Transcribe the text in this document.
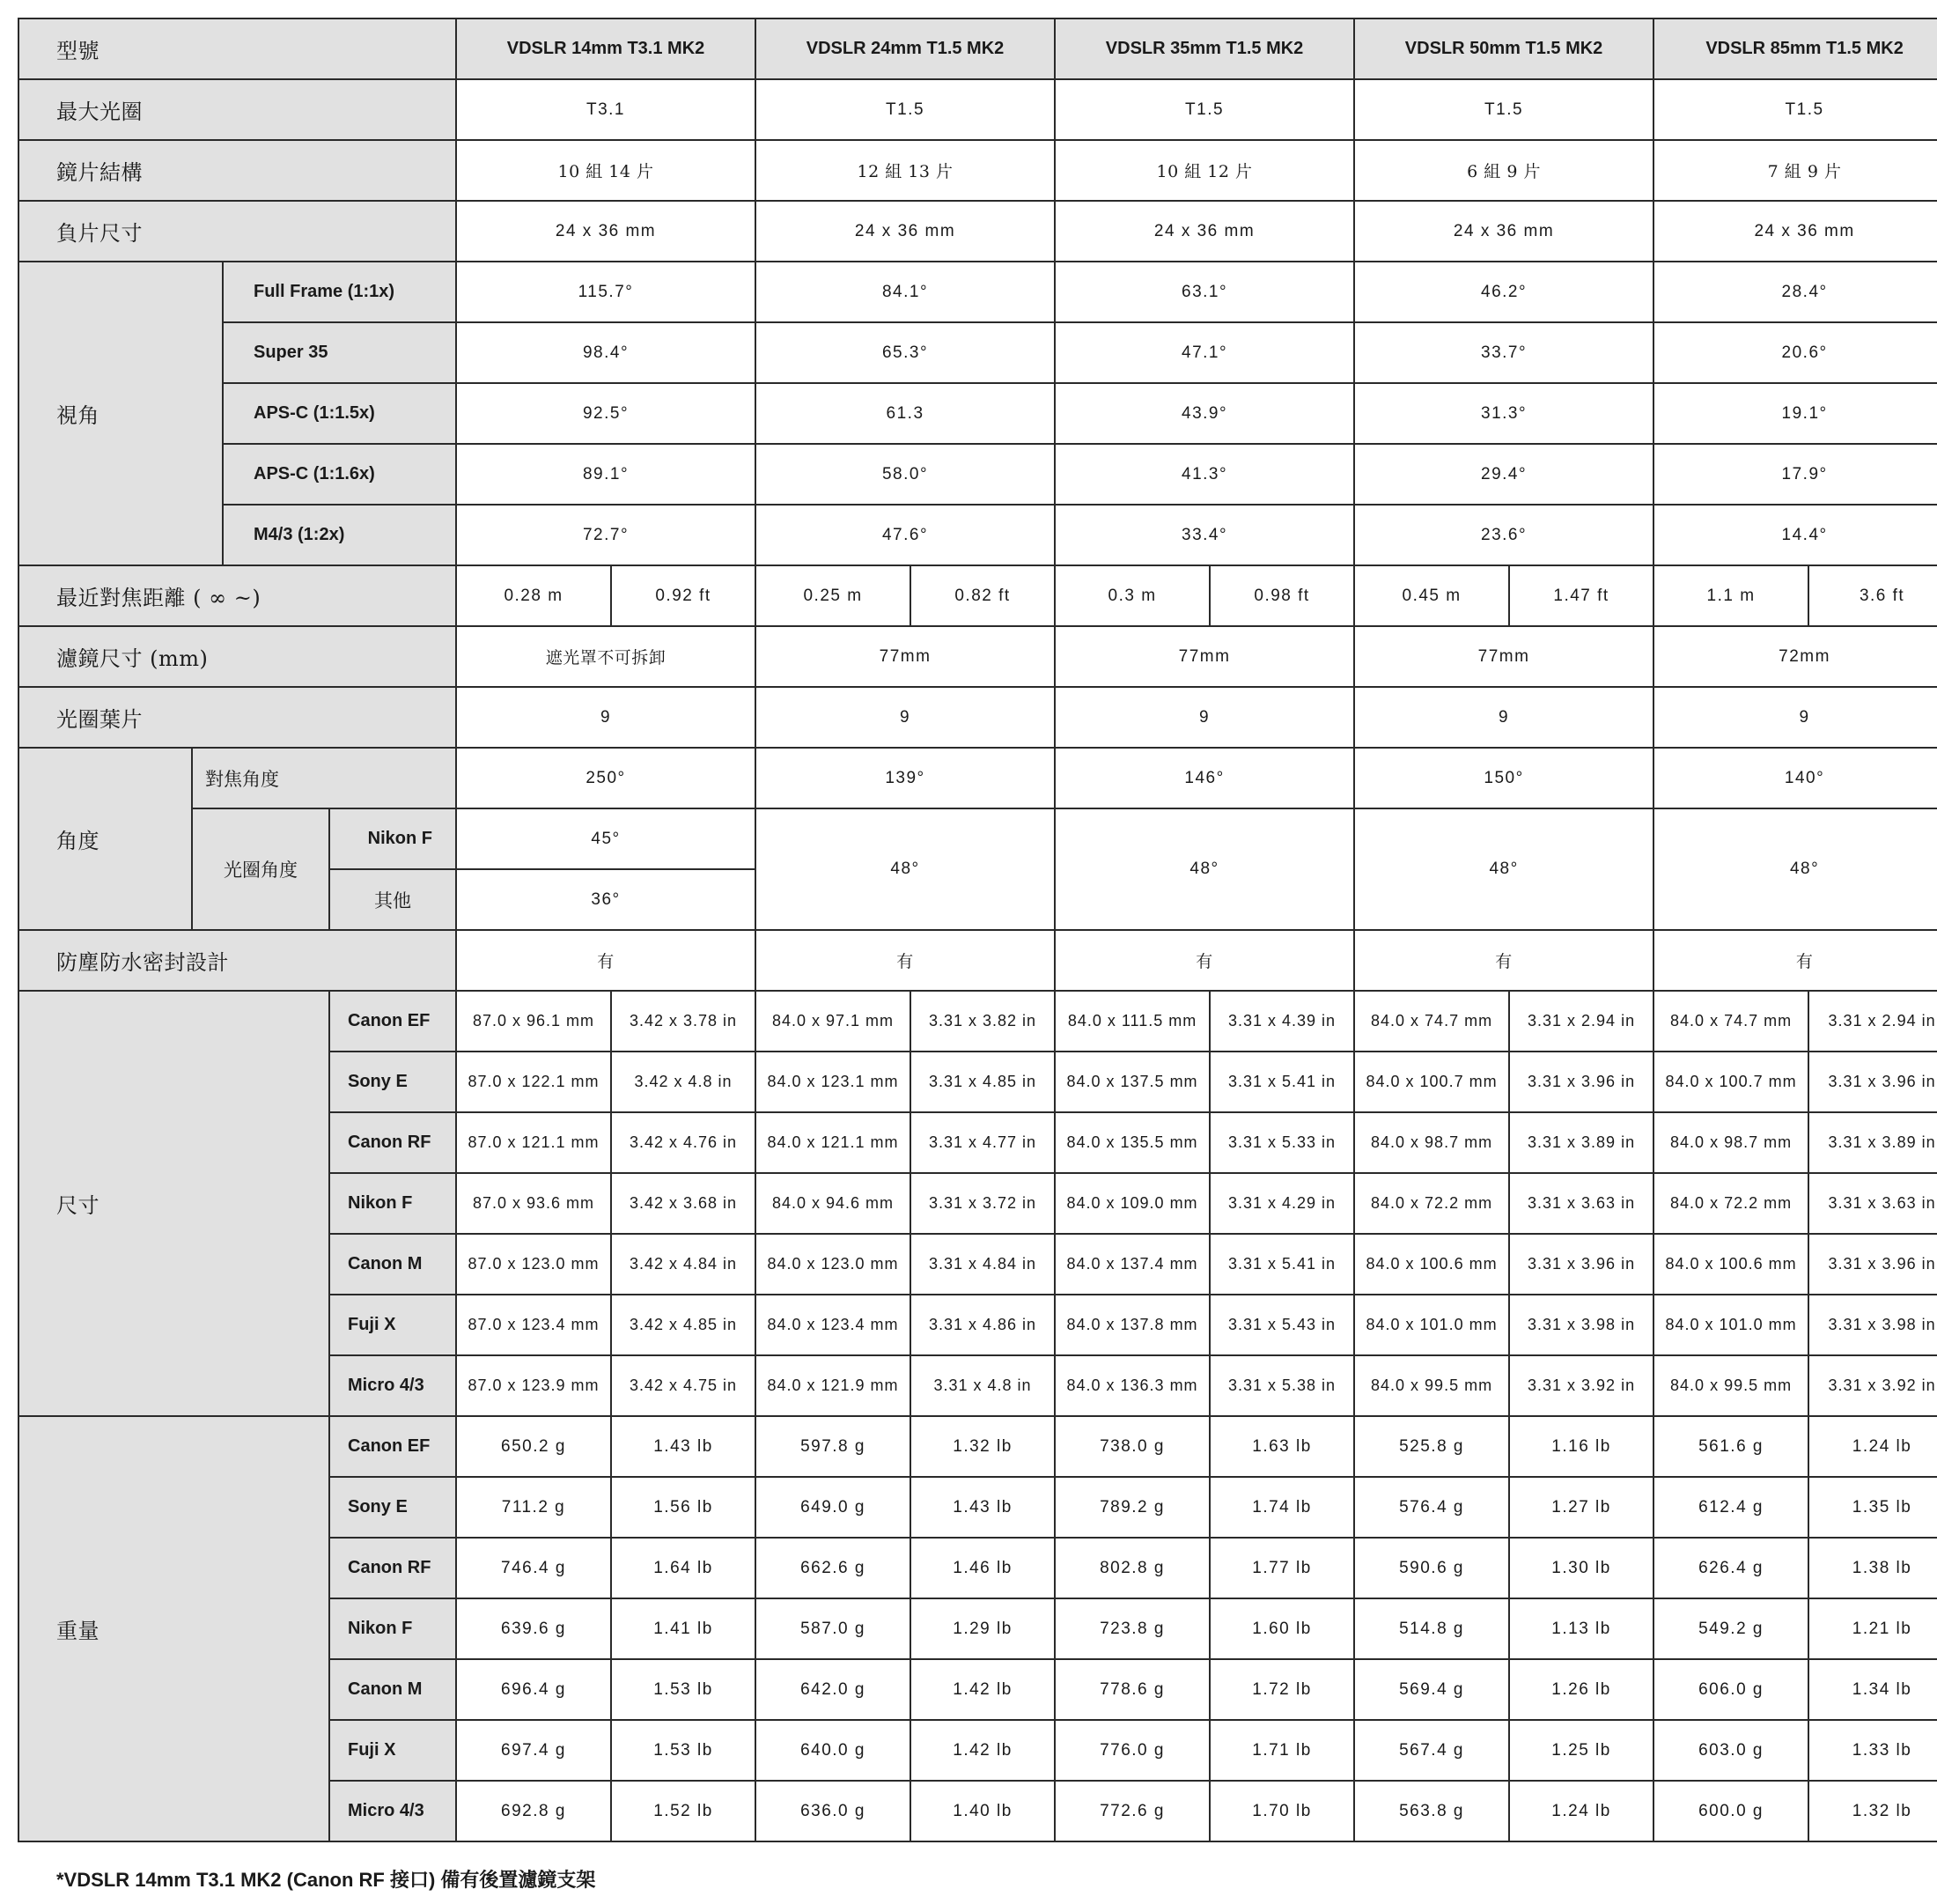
型號				VDSLR 14mm T3.1 MK2		VDSLR 24mm T1.5 MK2		VDSLR 35mm T1.5 MK2		VDSLR 50mm T1.5 MK2		VDSLR 85mm T1.5 MK2	
最大光圈				T3.1		T1.5		T1.5		T1.5		T1.5	
鏡片結構				10 組 14 片		12 組 13 片		10 組 12 片		6 組 9 片		7 組 9 片	
負片尺寸				24 x 36 mm		24 x 36 mm		24 x 36 mm		24 x 36 mm		24 x 36 mm	
視角		Full Frame (1:1x)		115.7°		84.1°		63.1°		46.2°		28.4°	
		Super 35		98.4°		65.3°		47.1°		33.7°		20.6°	
		APS-C (1:1.5x)		92.5°		61.3		43.9°		31.3°		19.1°	
		APS-C (1:1.6x)		89.1°		58.0°		41.3°		29.4°		17.9°	
		M4/3 (1:2x)		72.7°		47.6°		33.4°		23.6°		14.4°	
最近對焦距離 ( ∞ ~)				0.28 m	0.92 ft	0.25 m	0.82 ft	0.3 m	0.98 ft	0.45 m	1.47 ft	1.1 m	3.6 ft
濾鏡尺寸 (mm)				遮光罩不可拆卸		77mm		77mm		77mm		72mm	
光圈葉片				9		9		9		9		9	
角度	對焦角度			250°		139°		146°		150°		140°	
	光圈角度		Nikon F	45°		48°		48°		48°		48°	
			其他	36°									
防塵防水密封設計				有		有		有		有		有	
尺寸			Canon EF	87.0 x 96.1 mm	3.42 x 3.78 in	84.0 x 97.1 mm	3.31 x 3.82 in	84.0 x 111.5 mm	3.31 x 4.39 in	84.0 x 74.7 mm	3.31 x 2.94 in	84.0 x 74.7 mm	3.31 x 2.94 in
			Sony E	87.0 x 122.1 mm	3.42 x 4.8 in	84.0 x 123.1 mm	3.31 x 4.85 in	84.0 x 137.5 mm	3.31 x 5.41 in	84.0 x 100.7 mm	3.31 x 3.96 in	84.0 x 100.7 mm	3.31 x 3.96 in
			Canon RF	87.0 x 121.1 mm	3.42 x 4.76 in	84.0 x 121.1 mm	3.31 x 4.77 in	84.0 x 135.5 mm	3.31 x 5.33 in	84.0 x 98.7 mm	3.31 x 3.89 in	84.0 x 98.7 mm	3.31 x 3.89 in
			Nikon F	87.0 x 93.6 mm	3.42 x 3.68 in	84.0 x 94.6 mm	3.31 x 3.72 in	84.0 x 109.0 mm	3.31 x 4.29 in	84.0 x 72.2 mm	3.31 x 3.63 in	84.0 x 72.2 mm	3.31 x 3.63 in
			Canon M	87.0 x 123.0 mm	3.42 x 4.84 in	84.0 x 123.0 mm	3.31 x 4.84 in	84.0 x 137.4 mm	3.31 x 5.41 in	84.0 x 100.6 mm	3.31 x 3.96 in	84.0 x 100.6 mm	3.31 x 3.96 in
			Fuji X	87.0 x 123.4 mm	3.42 x 4.85 in	84.0 x 123.4 mm	3.31 x 4.86 in	84.0 x 137.8 mm	3.31 x 5.43 in	84.0 x 101.0 mm	3.31 x 3.98 in	84.0 x 101.0 mm	3.31 x 3.98 in
			Micro 4/3	87.0 x 123.9 mm	3.42 x 4.75 in	84.0 x 121.9 mm	3.31 x 4.8 in	84.0 x 136.3 mm	3.31 x 5.38 in	84.0 x 99.5 mm	3.31 x 3.92 in	84.0 x 99.5 mm	3.31 x 3.92 in
重量			Canon EF	650.2 g	1.43 lb	597.8 g	1.32 lb	738.0 g	1.63 lb	525.8 g	1.16 lb	561.6 g	1.24 lb
			Sony E	711.2 g	1.56 lb	649.0 g	1.43 lb	789.2 g	1.74 lb	576.4 g	1.27 lb	612.4 g	1.35 lb
			Canon RF	746.4 g	1.64 lb	662.6 g	1.46 lb	802.8 g	1.77 lb	590.6 g	1.30 lb	626.4 g	1.38 lb
			Nikon F	639.6 g	1.41 lb	587.0 g	1.29 lb	723.8 g	1.60 lb	514.8 g	1.13 lb	549.2 g	1.21 lb
			Canon M	696.4 g	1.53 lb	642.0 g	1.42 lb	778.6 g	1.72 lb	569.4 g	1.26 lb	606.0 g	1.34 lb
			Fuji X	697.4 g	1.53 lb	640.0 g	1.42 lb	776.0 g	1.71 lb	567.4 g	1.25 lb	603.0 g	1.33 lb
			Micro 4/3	692.8 g	1.52 lb	636.0 g	1.40 lb	772.6 g	1.70 lb	563.8 g	1.24 lb	600.0 g	1.32 lb
*VDSLR 14mm T3.1 MK2 (Canon RF 接口) 備有後置濾鏡支架
